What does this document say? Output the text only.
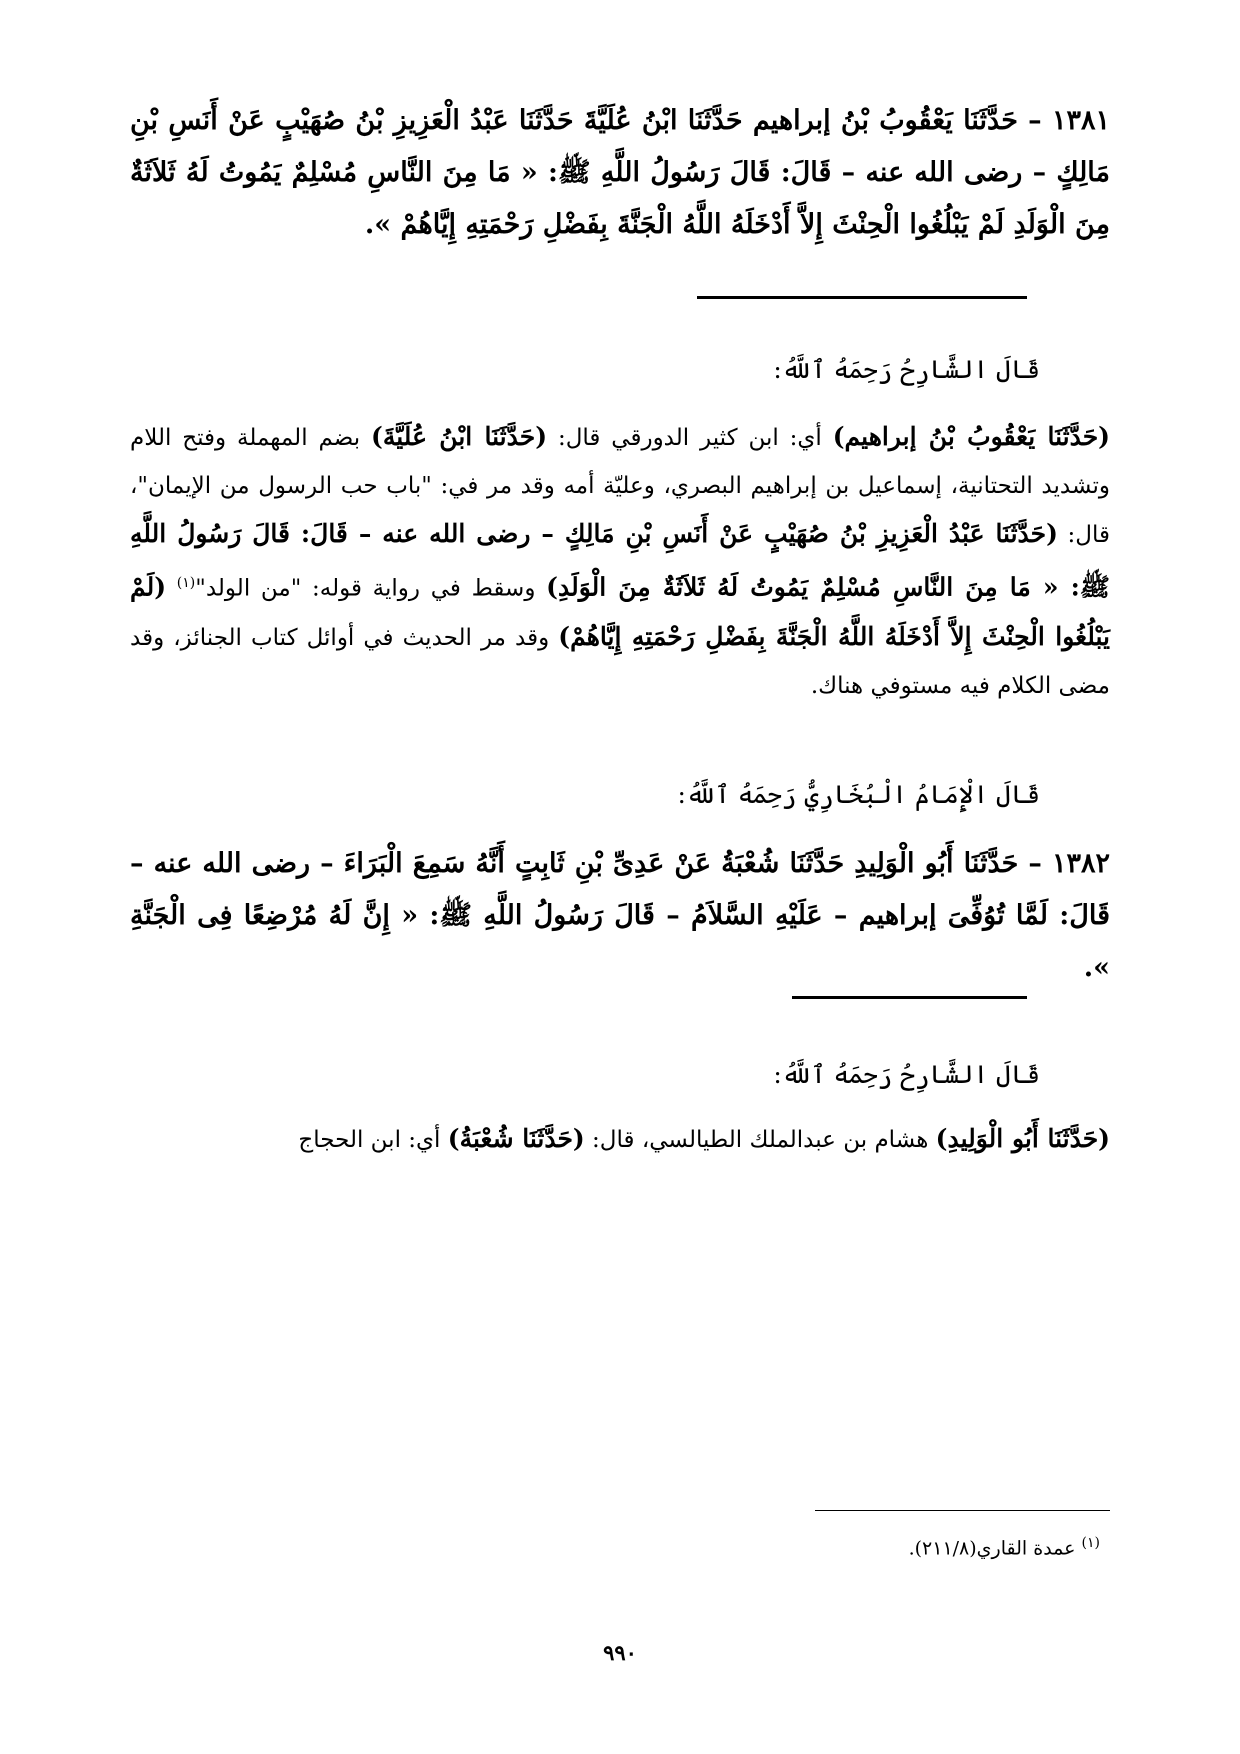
١٣٨١ – حَدَّثَنَا يَعْقُوبُ بْنُ إبراهيم حَدَّثَنَا ابْنُ عُلَيَّةَ حَدَّثَنَا عَبْدُ الْعَزِيزِ بْنُ صُهَيْبٍ عَنْ أَنَسِ بْنِ مَالِكٍ – رضى الله عنه – قَالَ: قَالَ رَسُولُ اللَّهِ ﷺ: « مَا مِنَ النَّاسِ مُسْلِمٌ يَمُوتُ لَهُ ثَلاَثَةٌ مِنَ الْوَلَدِ لَمْ يَبْلُغُوا الْحِنْثَ إِلاَّ أَدْخَلَهُ اللَّهُ الْجَنَّةَ بِفَضْلِ رَحْمَتِهِ إِيَّاهُمْ ».

قَالَ الشَّارِحُ رَحِمَهُ ٱللَّهُ:

(حَدَّثَنَا يَعْقُوبُ بْنُ إبراهيم) أي: ابن كثير الدورقي قال: (حَدَّثَنَا ابْنُ عُلَيَّةَ) بضم المهملة وفتح اللام وتشديد التحتانية، إسماعيل بن إبراهيم البصري، وعليّة أمه وقد مر في: "باب حب الرسول من الإيمان"، قال: (حَدَّثَنَا عَبْدُ الْعَزِيزِ بْنُ صُهَيْبٍ عَنْ أَنَسِ بْنِ مَالِكٍ – رضى الله عنه – قَالَ: قَالَ رَسُولُ اللَّهِ ﷺ: « مَا مِنَ النَّاسِ مُسْلِمٌ يَمُوتُ لَهُ ثَلاَثَةٌ مِنَ الْوَلَدِ) وسقط في رواية قوله: "من الولد"$^{(١)}$ (لَمْ يَبْلُغُوا الْحِنْثَ إِلاَّ أَدْخَلَهُ اللَّهُ الْجَنَّةَ بِفَضْلِ رَحْمَتِهِ إِيَّاهُمْ) وقد مر الحديث في أوائل كتاب الجنائز، وقد مضى الكلام فيه مستوفي هناك.

قَالَ الْإِمَامُ الْبُخَارِيُّ رَحِمَهُ ٱللَّهُ:

١٣٨٢ – حَدَّثَنَا أَبُو الْوَلِيدِ حَدَّثَنَا شُعْبَةُ عَنْ عَدِىِّ بْنِ ثَابِتٍ أَنَّهُ سَمِعَ الْبَرَاءَ – رضى الله عنه – قَالَ: لَمَّا تُوُفِّىَ إبراهيم – عَلَيْهِ السَّلاَمُ – قَالَ رَسُولُ اللَّهِ ﷺ: « إِنَّ لَهُ مُرْضِعًا فِى الْجَنَّةِ ».

قَالَ الشَّارِحُ رَحِمَهُ ٱللَّهُ:

(حَدَّثَنَا أَبُو الْوَلِيدِ) هشام بن عبدالملك الطيالسي، قال: (حَدَّثَنَا شُعْبَةُ) أي: ابن الحجاج

$^{(١)}$ عمدة القاري(٢١١/٨).
٩٩٠
